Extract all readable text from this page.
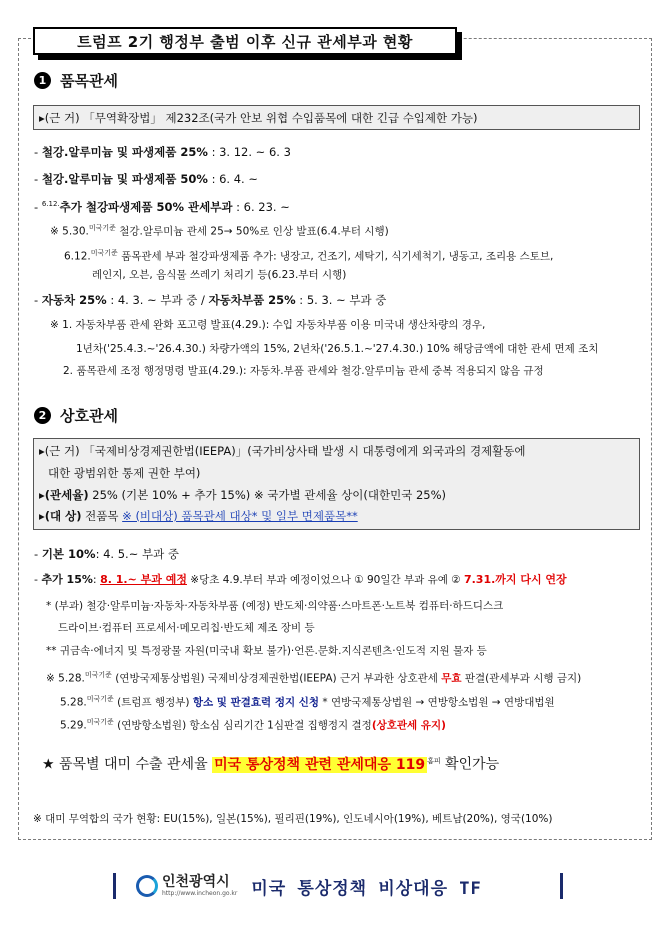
트럼프 2기 행정부 출범 이후 신규 관세부과 현황
1 품목관세
▸(근 거) 「무역확장법」 제232조(국가 안보 위협 수입품목에 대한 긴급 수입제한 가능)
- 철강.알루미늄 및 파생제품 25% : 3. 12. ~ 6. 3
- 철강.알루미늄 및 파생제품 50% : 6. 4. ~
- $^{6.12.}$추가 철강파생제품 50% 관세부과 : 6. 23. ~
※ 5.30.$^{미국기준}$ 철강.알루미늄 관세 25→ 50%로 인상 발표(6.4.부터 시행)
6.12.$^{미국기준}$ 품목관세 부과 철강파생제품 추가: 냉장고, 건조기, 세탁기, 식기세척기, 냉동고, 조리용 스토브,
레인지, 오븐, 음식물 쓰레기 처리기 등(6.23.부터 시행)
- 자동차 25% : 4. 3. ~ 부과 중 / 자동차부품 25% : 5. 3. ~ 부과 중
※ 1. 자동차부품 관세 완화 포고령 발표(4.29.): 수입 자동차부품 이용 미국내 생산차량의 경우,
1년차('25.4.3.~'26.4.30.) 차량가액의 15%, 2년차('26.5.1.~'27.4.30.) 10% 해당금액에 대한 관세 면제 조치
2. 품목관세 조정 행정명령 발표(4.29.): 자동차.부품 관세와 철강.알루미늄 관세 중복 적용되지 않음 규정
2 상호관세
▸(근 거) 「국제비상경제권한법(IEEPA)」(국가비상사태 발생 시 대통령에게 외국과의 경제활동에
대한 광범위한 통제 권한 부여)
▸(관세율) 25% (기본 10% + 추가 15%) ※ 국가별 관세율 상이(대한민국 25%)
▸(대 상) 전품목 ※ (비대상) 품목관세 대상* 및 일부 면제품목**
- 기본 10%: 4. 5.~ 부과 중
- 추가 15%: 8. 1.~ 부과 예정 ※당초 4.9.부터 부과 예정이었으나 ① 90일간 부과 유예 ② 7.31.까지 다시 연장
* (부과) 철강·알루미늄·자동차·자동차부품 (예정) 반도체·의약품·스마트폰·노트북 컴퓨터·하드디스크
드라이브·컴퓨터 프로세서·메모리칩·반도체 제조 장비 등
** 귀금속·에너지 및 특정광물 자원(미국내 확보 불가)·언론.문화.지식콘텐츠·인도적 지원 물자 등
※ 5.28.$^{미국기준}$ (연방국제통상법원) 국제비상경제권한법(IEEPA) 근거 부과한 상호관세 무효 판결(관세부과 시행 금지)
5.28.$^{미국기준}$ (트럼프 행정부) 항소 및 판결효력 정지 신청 * 연방국제통상법원 → 연방항소법원 → 연방대법원
5.29.$^{미국기준}$ (연방항소법원) 항소심 심리기간 1심판결 집행정지 결정(상호관세 유지)
★ 품목별 대미 수출 관세율 미국 통상정책 관련 관세대응 119 $^{홈피}$ 확인가능
※ 대미 무역합의 국가 현황: EU(15%), 일본(15%), 필리핀(19%), 인도네시아(19%), 베트남(20%), 영국(10%)
인천광역시
http://www.incheon.go.kr 미국 통상정책 비상대응 TF
